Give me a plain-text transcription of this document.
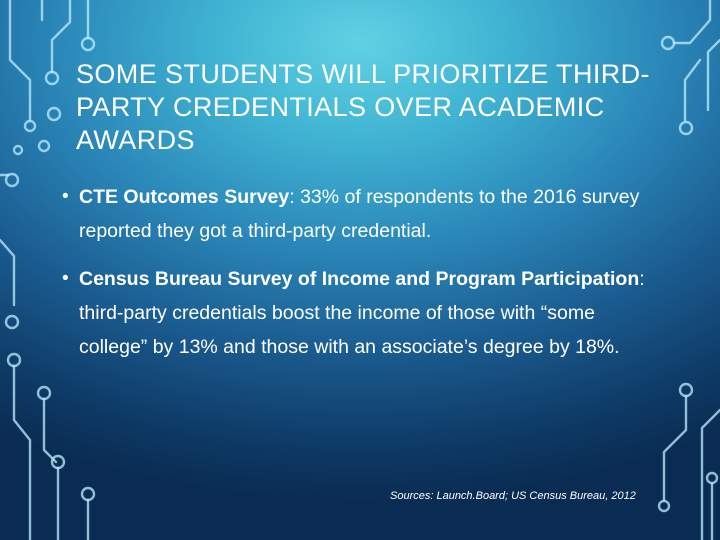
SOME STUDENTS WILL PRIORITIZE THIRD-PARTY CREDENTIALS OVER ACADEMIC AWARDS
• CTE Outcomes Survey: 33% of respondents to the 2016 survey reported they got a third-party credential.
• Census Bureau Survey of Income and Program Participation: third-party credentials boost the income of those with “some college” by 13% and those with an associate’s degree by 18%.
Sources: Launch.Board; US Census Bureau, 2012
